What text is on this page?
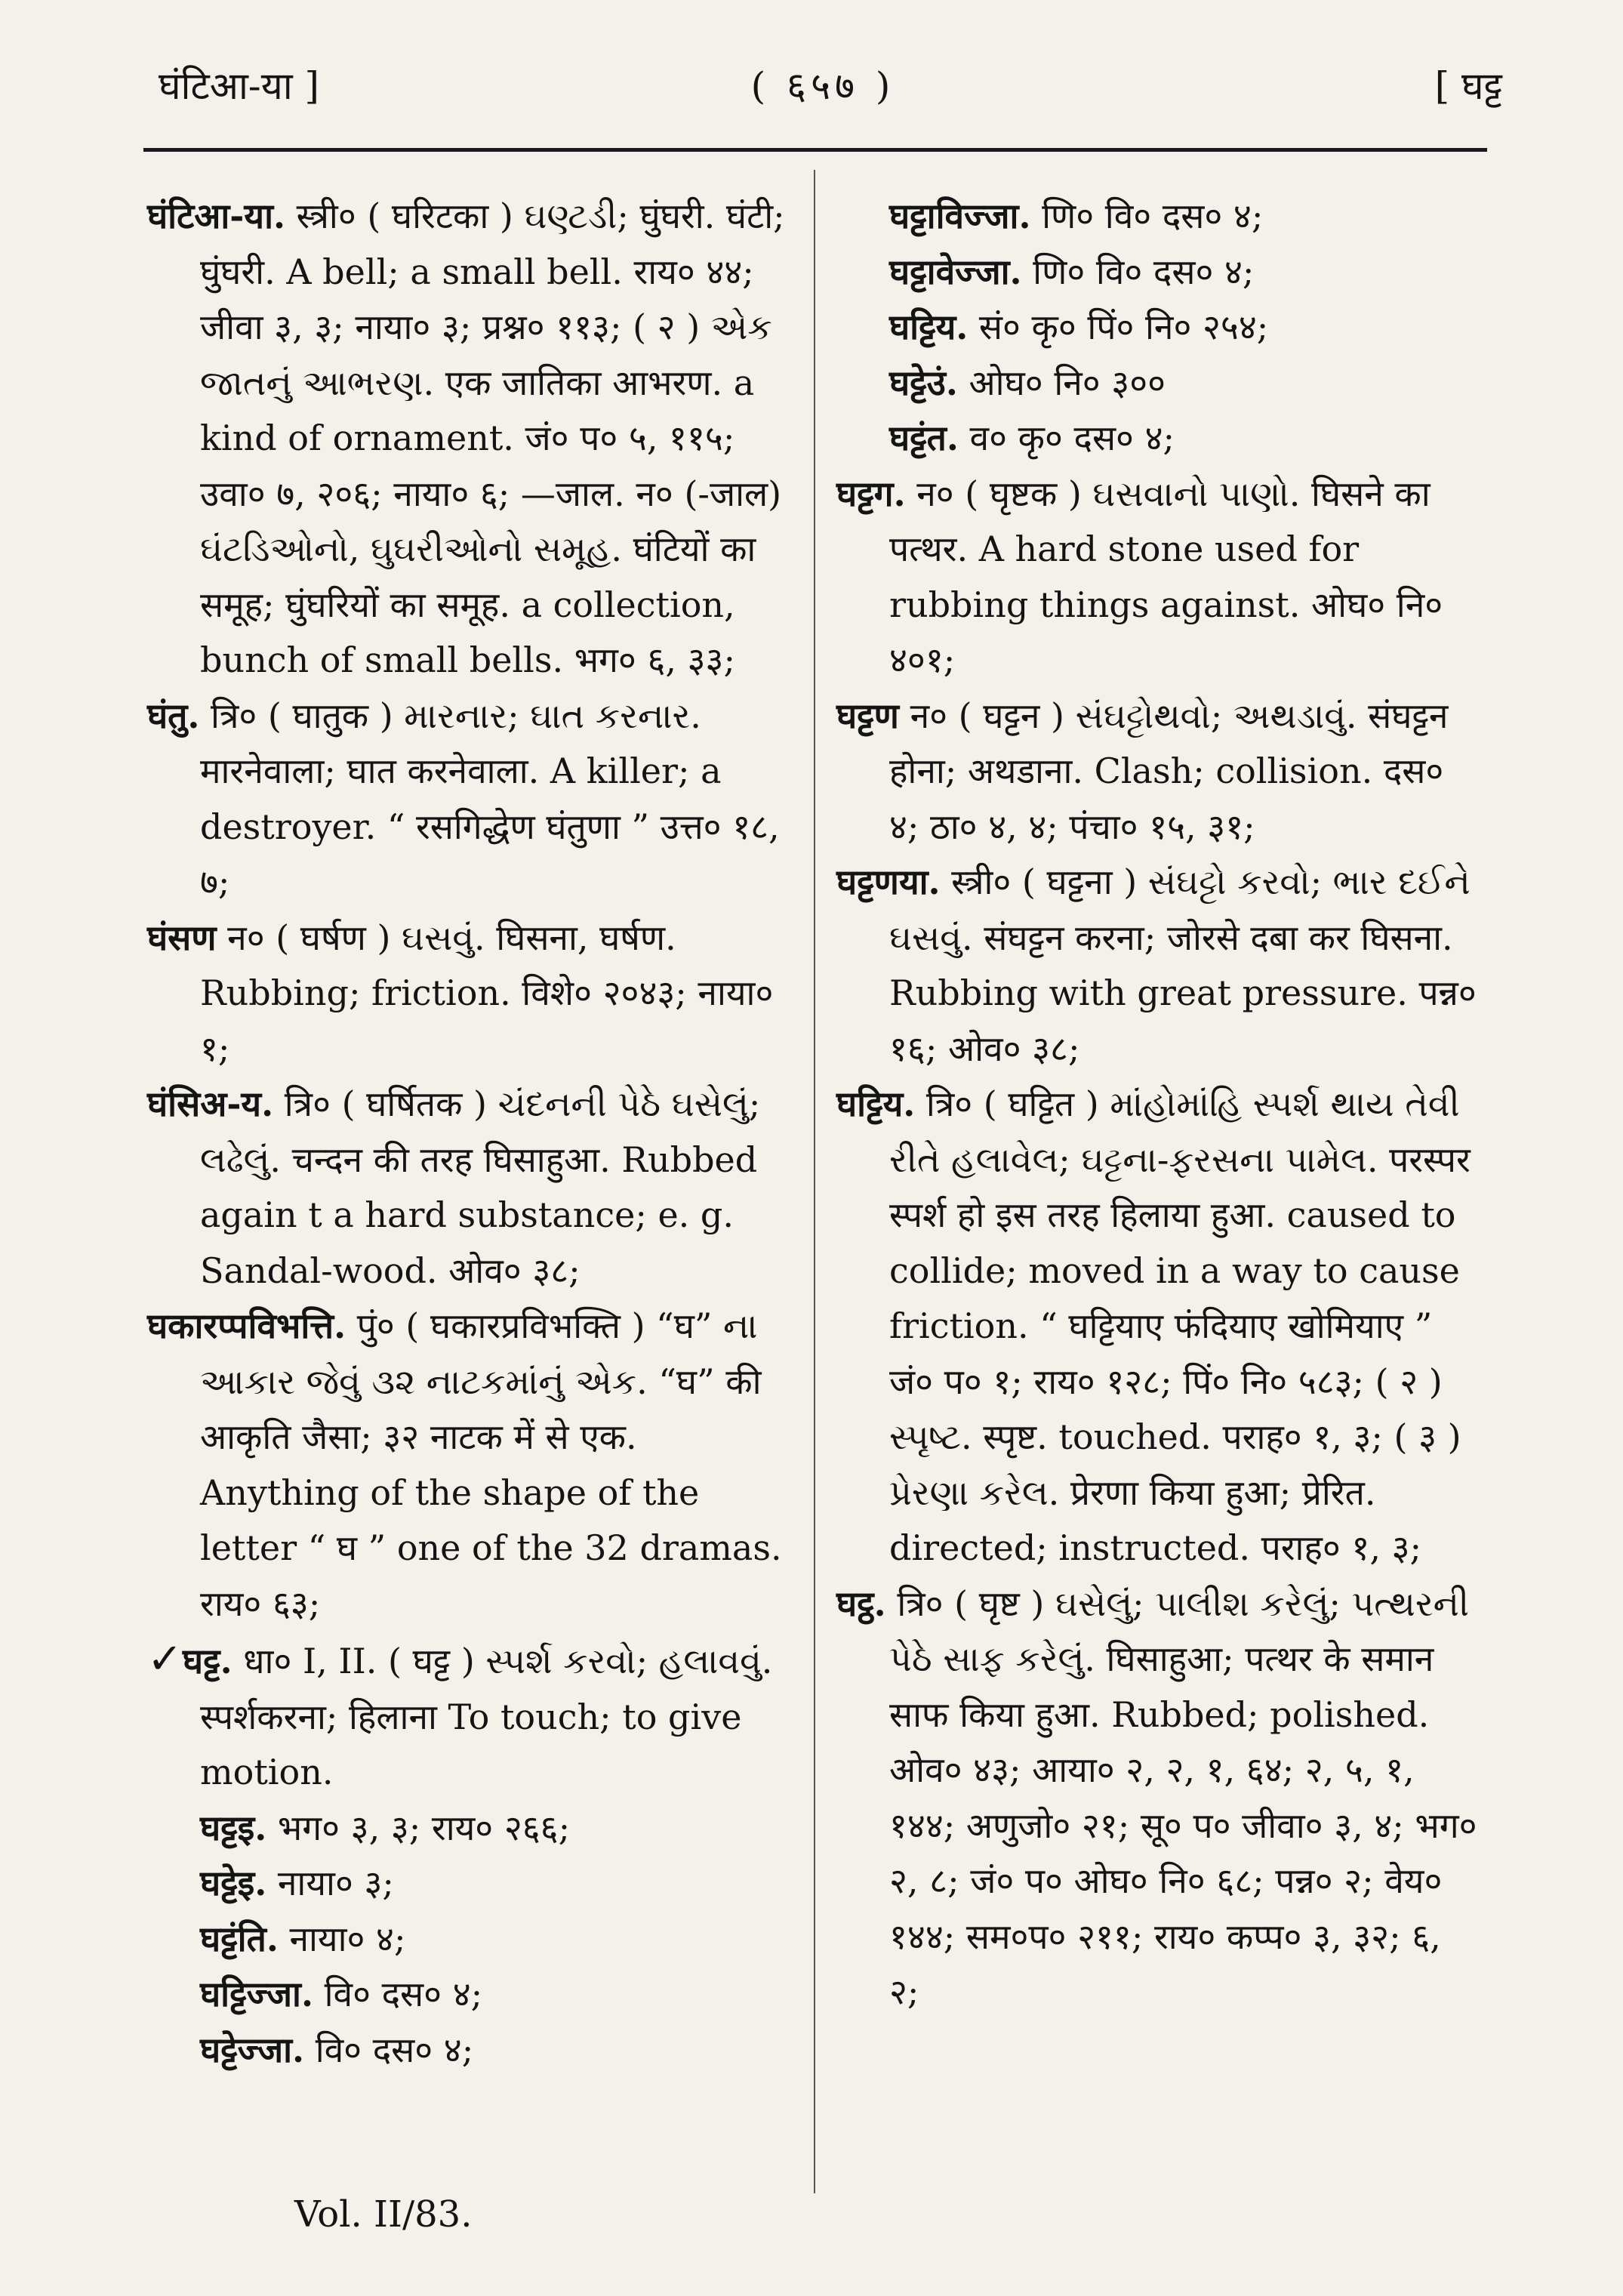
घंटिआ-या ]	( ६५७ )	[ घट्ट

घंटिआ-या. स्त्री० ( घरिटका ) ઘણ્ટડી; घुंघरी. घंटी; घुंघरी. A bell; a small bell. राय० ४४; जीवा ३, ३; नाया० ३; प्रश्न० ११३; ( २ ) એક જાતનું આભરણ. एक जातिका आभरण. a kind of ornament. जं० प० ५, ११५; उवा० ७, २०६; नाया० ६; —जाल. न० (-जाल) ઘંટડિઓનો, ઘુઘરીઓનો સમૂહ. घंटियों का समूह; घुंघरियों का समूह. a collection, bunch of small bells. भग० ६, ३३;

घंतु. त्रि० ( घातुक ) મારનાર; ઘાત કરનાર. मारनेवाला; घात करनेवाला. A killer; a destroyer. “ रसगिद्धेण घंतुणा ” उत्त० १८, ७;

घंसण न० ( घर्षण ) ઘસવું. घिसना, घर्षण. Rubbing; friction. विशे० २०४३; नाया० १;

घंसिअ-य. त्रि० ( घर्षितक ) ચંદનની પેઠે ઘસેલું; લઢેલું. चन्दन की तरह घिसाहुआ. Rubbed again t a hard substance; e. g. Sandal-wood. ओव० ३८;

घकारप्पविभत्ति. पुं० ( घकारप्रविभक्ति ) “घ” ના આકાર જેવું ૩૨ નાટકમાંનું એક. “घ” की आकृति जैसा; ३२ नाटक में से एक. Anything of the shape of the letter “ घ ” one of the 32 dramas. राय० ६३;

✓घट्ट. धा० I, II. ( घट्ट ) સ્પર્શ કરવો; હલાવવું. स्पर्शकरना; हिलाना To touch; to give motion.

घट्टइ. भग० ३, ३; राय० २६६;

घट्टेइ. नाया० ३;

घट्टंति. नाया० ४;

घट्टिज्जा. वि० दस० ४;

घट्टेज्जा. वि० दस० ४;

घट्टाविज्जा. णि० वि० दस० ४;

घट्टावेज्जा. णि० वि० दस० ४;

घट्टिय. सं० कृ० पिं० नि० २५४;

घट्टेउं. ओघ० नि० ३००

घट्टंत. व० कृ० दस० ४;

घट्टग. न० ( घृष्टक ) ઘસવાનો પાણો. घिसने का पत्थर. A hard stone used for rubbing things against. ओघ० नि० ४०१;

घट्टण न० ( घट्टन ) સંઘટ્ટોથવો; અથડાવું. संघट्टन होना; अथडाना. Clash; collision. दस० ४; ठा० ४, ४; पंचा० १५, ३१;

घट्टणया. स्त्री० ( घट्टना ) સંઘટ્ટો કરવો; ભાર દઈને ઘસવું. संघट्टन करना; जोरसे दबा कर घिसना. Rubbing with great pressure. पन्न० १६; ओव० ३८;

घट्टिय. त्रि० ( घट्टित ) માંહોમાંહિ સ્પર્શ થાય તેવી રીતે હલાવેલ; ઘટ્ટના-ફરસના પામેલ. परस्पर स्पर्श हो इस तरह हिलाया हुआ. caused to collide; moved in a way to cause friction. “ घट्टियाए फंदियाए खोमियाए ” जं० प० १; राय० १२८; पिं० नि० ५८३; ( २ ) સ્પૃષ્ટ. स्पृष्ट. touched. पराह० १, ३; ( ३ ) પ્રેરણા કરેલ. प्रेरणा किया हुआ; प्रेरित. directed; instructed. पराह० १, ३;

घट्ठ. त्रि० ( घृष्ट ) ઘસેલું; પાલીશ કરેલું; પત્થરની પેઠે સાફ કરેલું. घिसाहुआ; पत्थर के समान साफ किया हुआ. Rubbed; polished. ओव० ४३; आया० २, २, १, ६४; २, ५, १, १४४; अणुजो० २१; सू० प० जीवा० ३, ४; भग० २, ८; जं० प० ओघ० नि० ६८; पन्न० २; वेय० १४४; सम०प० २११; राय० कप्प० ३, ३२; ६, २;

Vol. II/83.
